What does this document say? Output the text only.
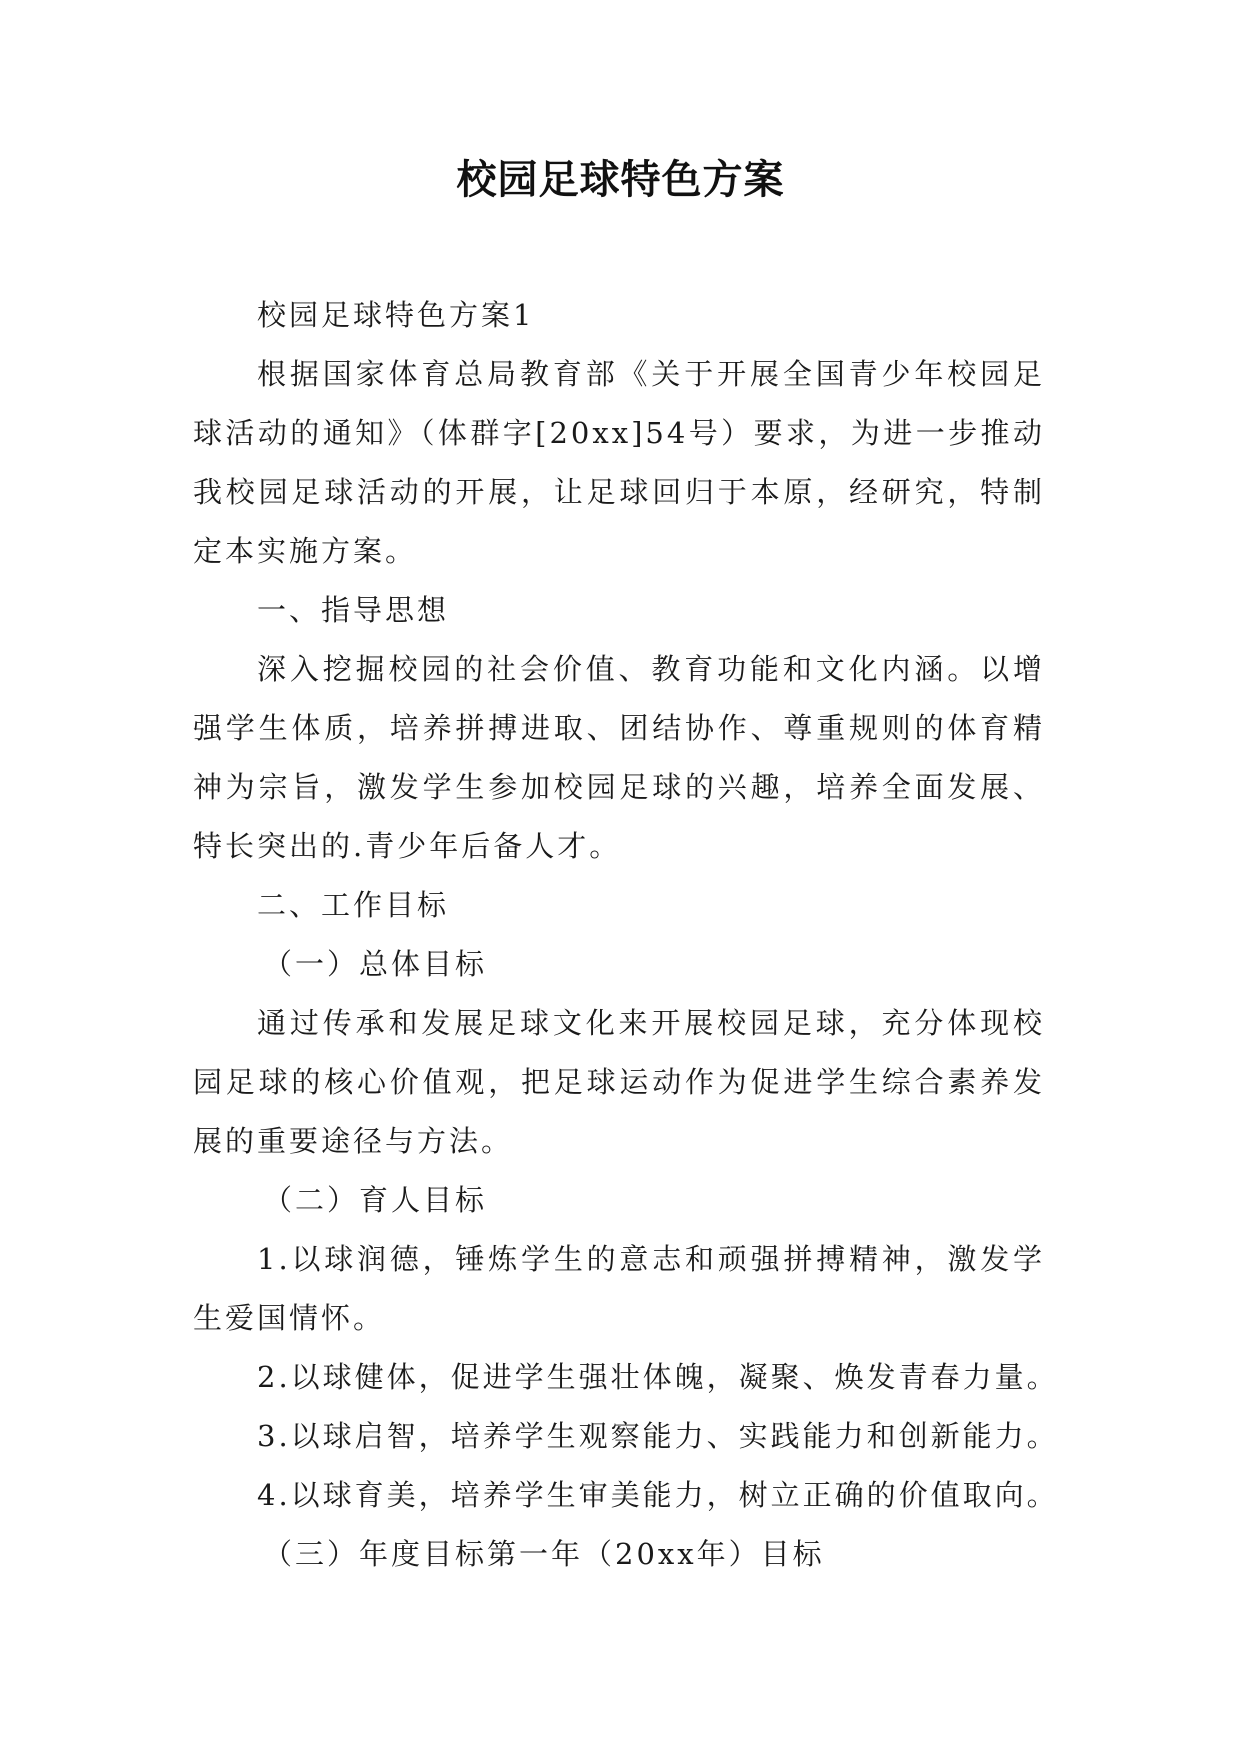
校园足球特色方案

校园足球特色方案1

根据国家体育总局教育部《关于开展全国青少年校园足球活动的通知》（体群字[20xx]54号）要求，为进一步推动我校园足球活动的开展，让足球回归于本原，经研究，特制定本实施方案。

一、指导思想

深入挖掘校园的社会价值、教育功能和文化内涵。以增强学生体质，培养拼搏进取、团结协作、尊重规则的体育精神为宗旨，激发学生参加校园足球的兴趣，培养全面发展、特长突出的.青少年后备人才。

二、工作目标

（一）总体目标

通过传承和发展足球文化来开展校园足球，充分体现校园足球的核心价值观，把足球运动作为促进学生综合素养发展的重要途径与方法。

（二）育人目标

1.以球润德，锤炼学生的意志和顽强拼搏精神，激发学生爱国情怀。

2.以球健体，促进学生强壮体魄，凝聚、焕发青春力量。

3.以球启智，培养学生观察能力、实践能力和创新能力。

4.以球育美，培养学生审美能力，树立正确的价值取向。

（三）年度目标第一年（20xx年）目标
